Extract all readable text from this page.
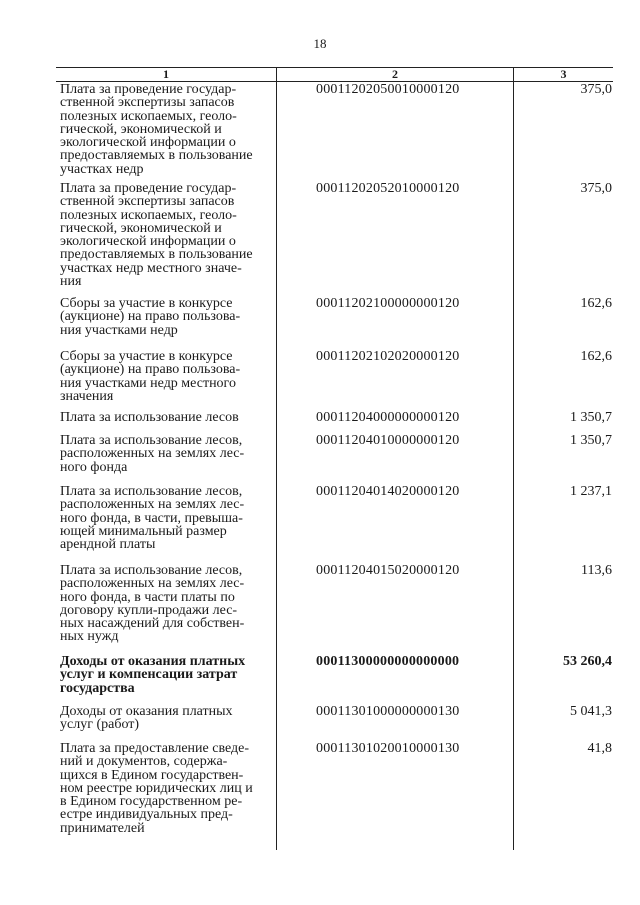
18
1	2	3
Плата за проведение государ-
ственной экспертизы запасов
полезных ископаемых, геоло-
гической, экономической и
экологической информации о
предоставляемых в пользование
участках недр
00011202050010000120	375,0
Плата за проведение государ-
ственной экспертизы запасов
полезных ископаемых, геоло-
гической, экономической и
экологической информации о
предоставляемых в пользование
участках недр местного значе-
ния
00011202052010000120	375,0
Сборы за участие в конкурсе
(аукционе) на право пользова-
ния участками недр
00011202100000000120	162,6
Сборы за участие в конкурсе
(аукционе) на право пользова-
ния участками недр местного
значения
00011202102020000120	162,6
Плата за использование лесов	00011204000000000120	1 350,7
Плата за использование лесов,
расположенных на землях лес-
ного фонда
00011204010000000120	1 350,7
Плата за использование лесов,
расположенных на землях лес-
ного фонда, в части, превыша-
ющей минимальный размер
арендной платы
00011204014020000120	1 237,1
Плата за использование лесов,
расположенных на землях лес-
ного фонда, в части платы по
договору купли-продажи лес-
ных насаждений для собствен-
ных нужд
00011204015020000120	113,6
Доходы от оказания платных
услуг и компенсации затрат
государства
00011300000000000000	53 260,4
Доходы от оказания платных
услуг (работ)
00011301000000000130	5 041,3
Плата за предоставление сведе-
ний и документов, содержа-
щихся в Едином государствен-
ном реестре юридических лиц и
в Едином государственном ре-
естре индивидуальных пред-
принимателей
00011301020010000130	41,8
